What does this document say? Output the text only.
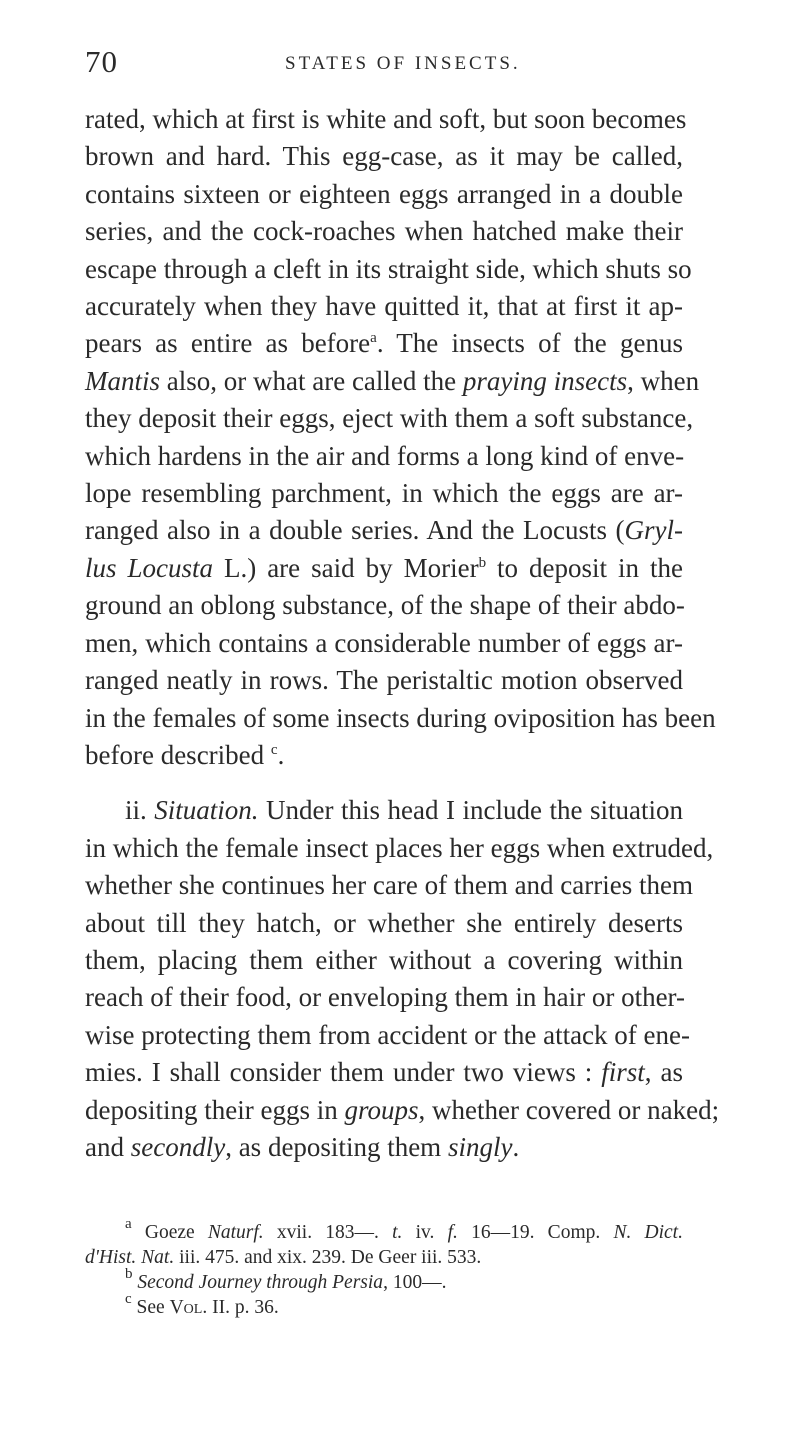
70	STATES OF INSECTS.

rated, which at first is white and soft, but soon becomes
brown and hard. This egg-case, as it may be called,
contains sixteen or eighteen eggs arranged in a double
series, and the cock-roaches when hatched make their
escape through a cleft in its straight side, which shuts so
accurately when they have quitted it, that at first it ap-
pears as entire as before$^a$. The insects of the genus
Mantis also, or what are called the praying insects, when
they deposit their eggs, eject with them a soft substance,
which hardens in the air and forms a long kind of enve-
lope resembling parchment, in which the eggs are ar-
ranged also in a double series. And the Locusts (Gryl-
lus Locusta L.) are said by Morier$^b$ to deposit in the
ground an oblong substance, of the shape of their abdo-
men, which contains a considerable number of eggs ar-
ranged neatly in rows. The peristaltic motion observed
in the females of some insects during oviposition has been
before described $^c$.

ii. Situation. Under this head I include the situation
in which the female insect places her eggs when extruded,
whether she continues her care of them and carries them
about till they hatch, or whether she entirely deserts
them, placing them either without a covering within
reach of their food, or enveloping them in hair or other-
wise protecting them from accident or the attack of ene-
mies. I shall consider them under two views : first, as
depositing their eggs in groups, whether covered or naked;
and secondly, as depositing them singly.

$^a$ Goeze Naturf. xvii. 183—. t. iv. f. 16—19. Comp. N. Dict.
d'Hist. Nat. iii. 475. and xix. 239. De Geer iii. 533.
$^b$ Second Journey through Persia, 100—.
$^c$ See Vol. II. p. 36.
